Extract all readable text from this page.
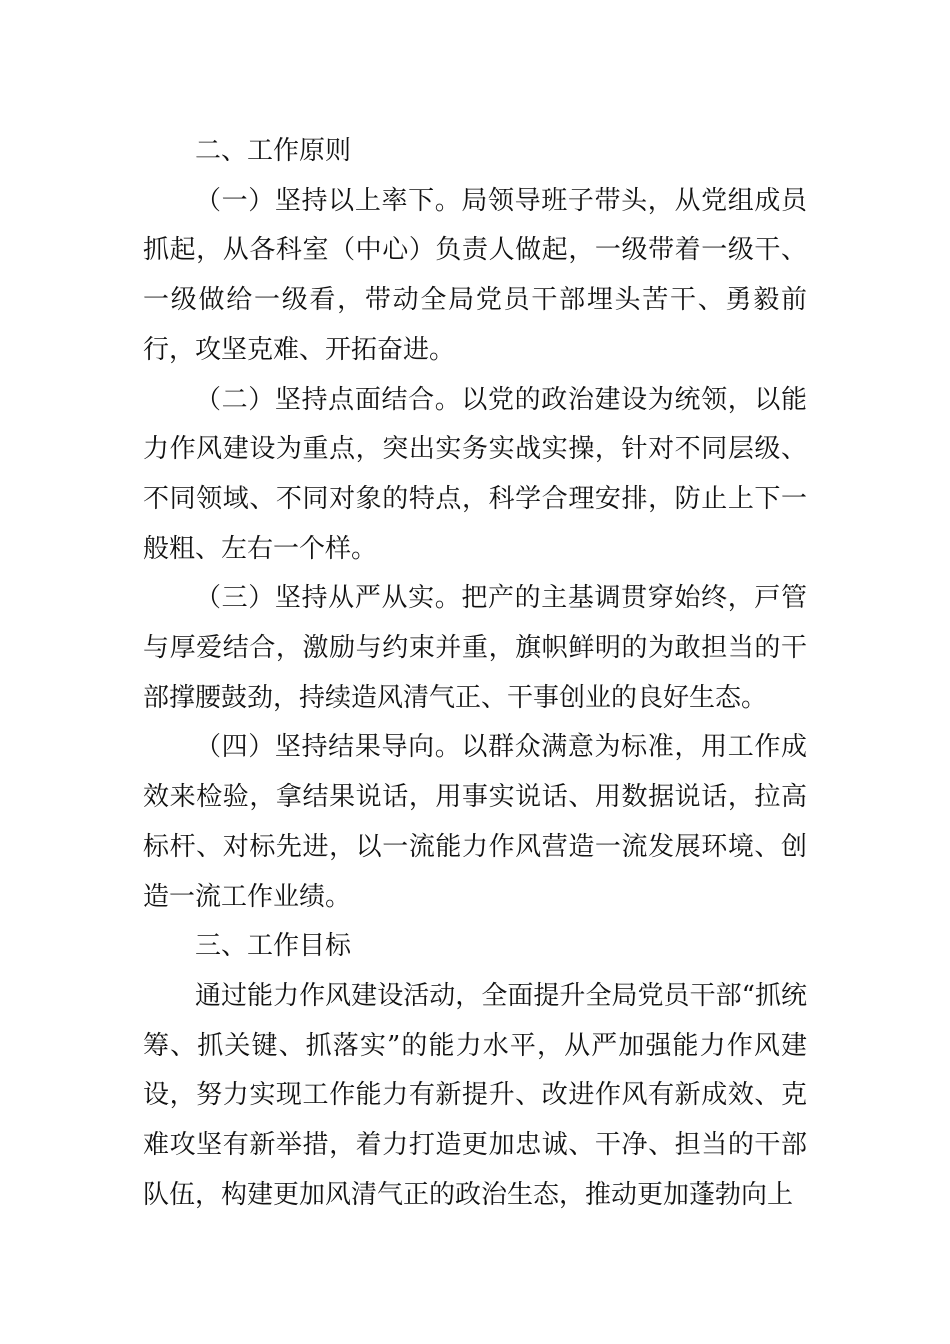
二、工作原则

（一）坚持以上率下。局领导班子带头，从党组成员抓起，从各科室（中心）负责人做起，一级带着一级干、一级做给一级看，带动全局党员干部埋头苦干、勇毅前行，攻坚克难、开拓奋进。

（二）坚持点面结合。以党的政治建设为统领，以能力作风建设为重点，突出实务实战实操，针对不同层级、不同领域、不同对象的特点，科学合理安排，防止上下一般粗、左右一个样。

（三）坚持从严从实。把产的主基调贯穿始终，戸管与厚爱结合，激励与约束并重，旗帜鲜明的为敢担当的干部撑腰鼓劲，持续造风清气正、干事创业的良好生态。

（四）坚持结果导向。以群众满意为标准，用工作成效来检验，拿结果说话，用事实说话、用数据说话，拉高标杆、对标先进，以一流能力作风营造一流发展环境、创造一流工作业绩。

三、工作目标

通过能力作风建设活动，全面提升全局党员干部“抓统筹、抓关键、抓落实”的能力水平，从严加强能力作风建设，努力实现工作能力有新提升、改进作风有新成效、克难攻坚有新举措，着力打造更加忠诚、干净、担当的干部队伍，构建更加风清气正的政治生态，推动更加蓬勃向上
